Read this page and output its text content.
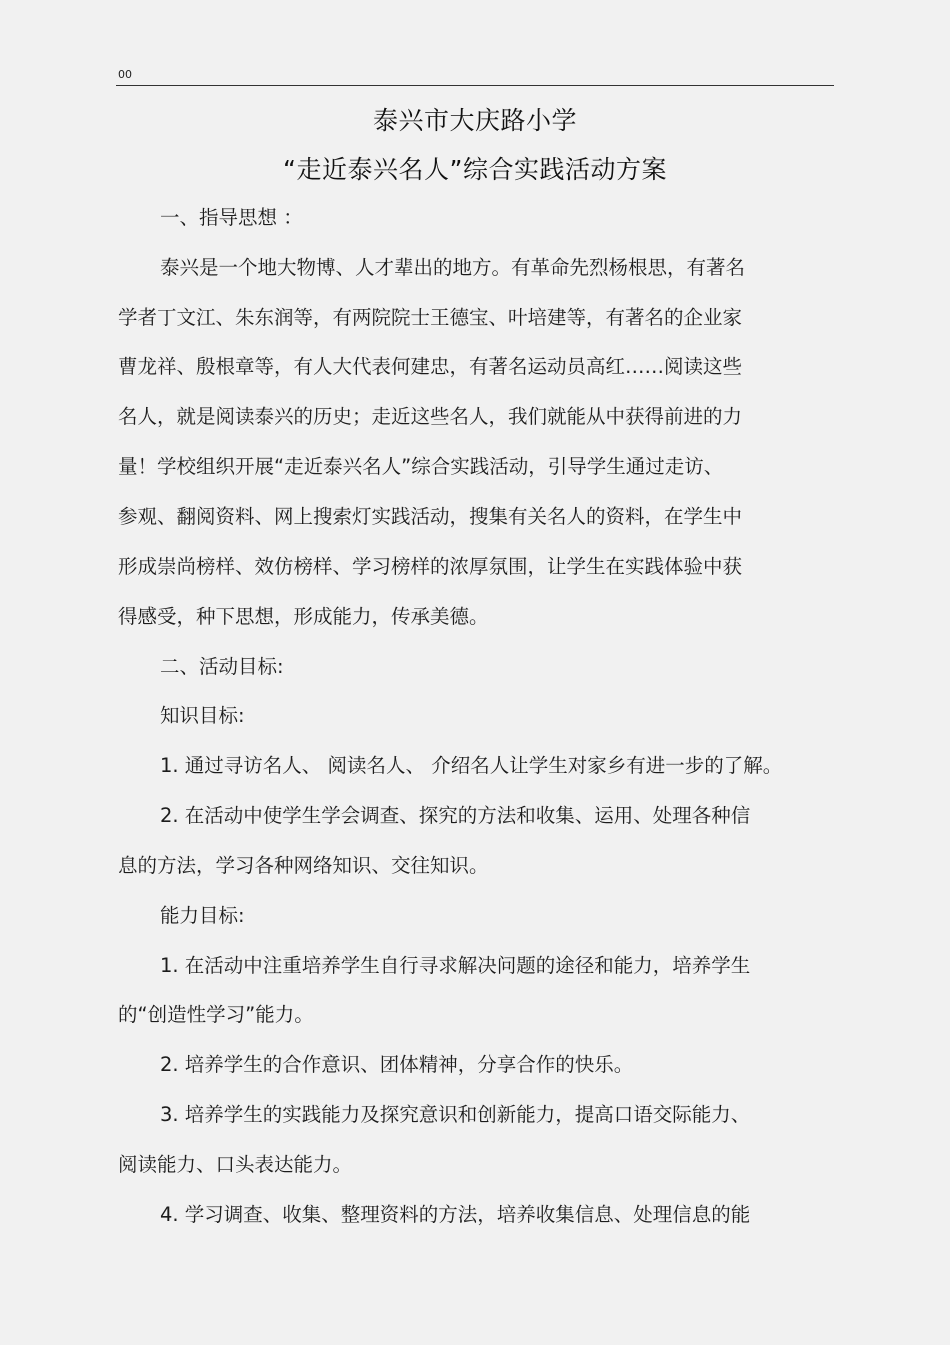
00
泰兴市大庆路小学
“走近泰兴名人”综合实践活动方案
一、指导思想 ：
泰兴是一个地大物博、人才辈出的地方。有革命先烈杨根思，有著名
学者丁文江、朱东润等，有两院院士王德宝、叶培建等，有著名的企业家
曹龙祥、殷根章等，有人大代表何建忠，有著名运动员高红……阅读这些
名人，就是阅读泰兴的历史；走近这些名人，我们就能从中获得前进的力
量！学校组织开展“走近泰兴名人”综合实践活动，引导学生通过走访、
参观、翻阅资料、网上搜索灯实践活动，搜集有关名人的资料，在学生中
形成崇尚榜样、效仿榜样、学习榜样的浓厚氛围，让学生在实践体验中获
得感受，种下思想，形成能力，传承美德。
二、活动目标:
知识目标:
1. 通过寻访名人、 阅读名人、 介绍名人让学生对家乡有进一步的了解。
2. 在活动中使学生学会调查、探究的方法和收集、运用、处理各种信
息的方法，学习各种网络知识、交往知识。
能力目标:
1. 在活动中注重培养学生自行寻求解决问题的途径和能力，培养学生
的“创造性学习”能力。
2. 培养学生的合作意识、团体精神，分享合作的快乐。
3. 培养学生的实践能力及探究意识和创新能力，提高口语交际能力、
阅读能力、口头表达能力。
4. 学习调查、收集、整理资料的方法，培养收集信息、处理信息的能
